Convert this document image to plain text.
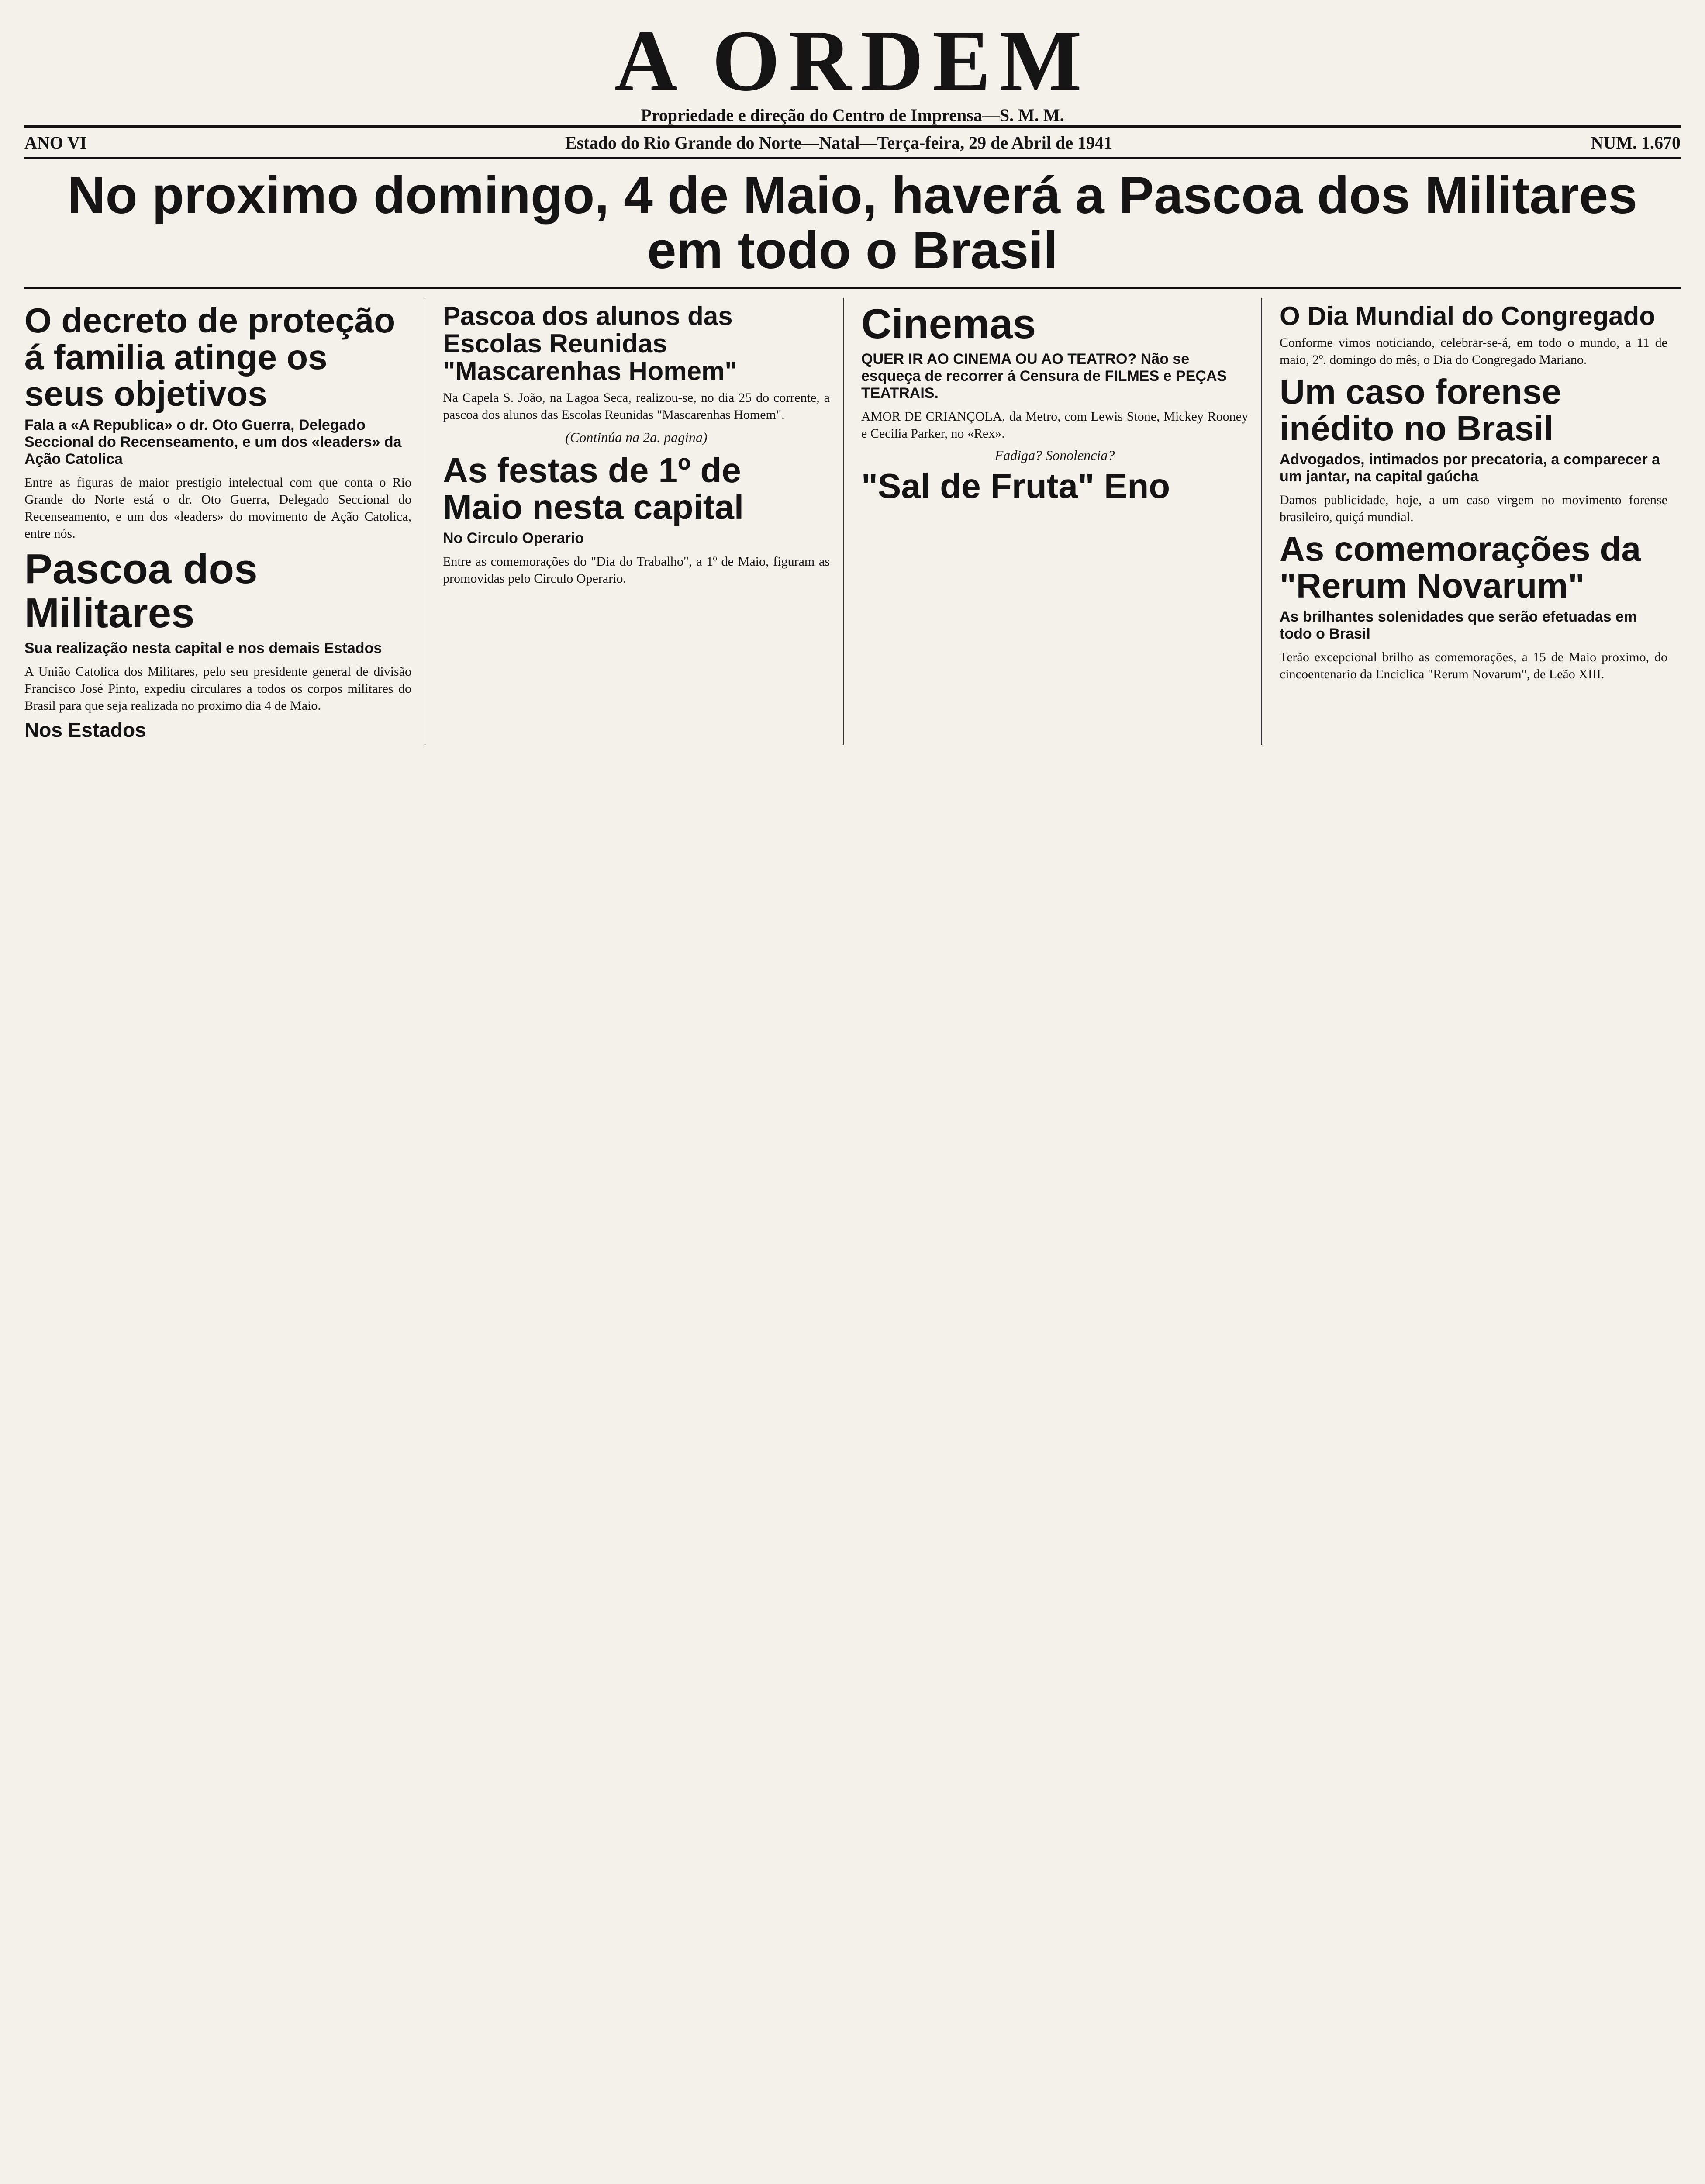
A ORDEM
Propriedade e direção do Centro de Imprensa—S. M. M.
ANO VI	Estado do Rio Grande do Norte—Natal—Terça-feira, 29 de Abril de 1941	NUM. 1.670
No proximo domingo, 4 de Maio, haverá a Pascoa dos Militares em todo o Brasil
O decreto de proteção á familia atinge os seus objetivos
Fala a «A Republica» o dr. Oto Guerra, Delegado Seccional do Recenseamento, e um dos «leaders» da Ação Catolica

Entre as figuras de maior prestigio intelectual com que conta o Rio Grande do Norte está o dr. Oto Guerra, Delegado Seccional do Recenseamento, e um dos «leaders» do movimento de Ação Catolica, entre nós.

Pascoa dos Militares
Sua realização nesta capital e nos demais Estados

A União Catolica dos Militares, pelo seu presidente general de divisão Francisco José Pinto, expediu circulares a todos os corpos militares do Brasil para que seja realizada no proximo dia 4 de Maio.

Nos Estados
Pascoa dos alunos das Escolas Reunidas "Mascarenhas Homem"

Na Capela S. João, na Lagoa Seca, realizou-se, no dia 25 do corrente, a pascoa dos alunos das Escolas Reunidas "Mascarenhas Homem".

(Continúa na 2a. pagina)

As festas de 1º de Maio nesta capital
No Circulo Operario

Entre as comemorações do "Dia do Trabalho", a 1º de Maio, figuram as promovidas pelo Circulo Operario.

Cinemas
QUER IR AO CINEMA OU AO TEATRO? Não se esqueça de recorrer á Censura de FILMES e PEÇAS TEATRAIS.

AMOR DE CRIANÇOLA, da Metro, com Lewis Stone, Mickey Rooney e Cecilia Parker, no «Rex».

Fadiga? Sonolencia?
"Sal de Fruta" Eno
O Dia Mundial do Congregado

Conforme vimos noticiando, celebrar-se-á, em todo o mundo, a 11 de maio, 2º. domingo do mês, o Dia do Congregado Mariano.

Um caso forense inédito no Brasil
Advogados, intimados por precatoria, a comparecer a um jantar, na capital gaúcha

Damos publicidade, hoje, a um caso virgem no movimento forense brasileiro, quiçá mundial.

As comemorações da "Rerum Novarum"
As brilhantes solenidades que serão efetuadas em todo o Brasil

Terão excepcional brilho as comemorações, a 15 de Maio proximo, do cincoentenario da Enciclica "Rerum Novarum", de Leão XIII.
